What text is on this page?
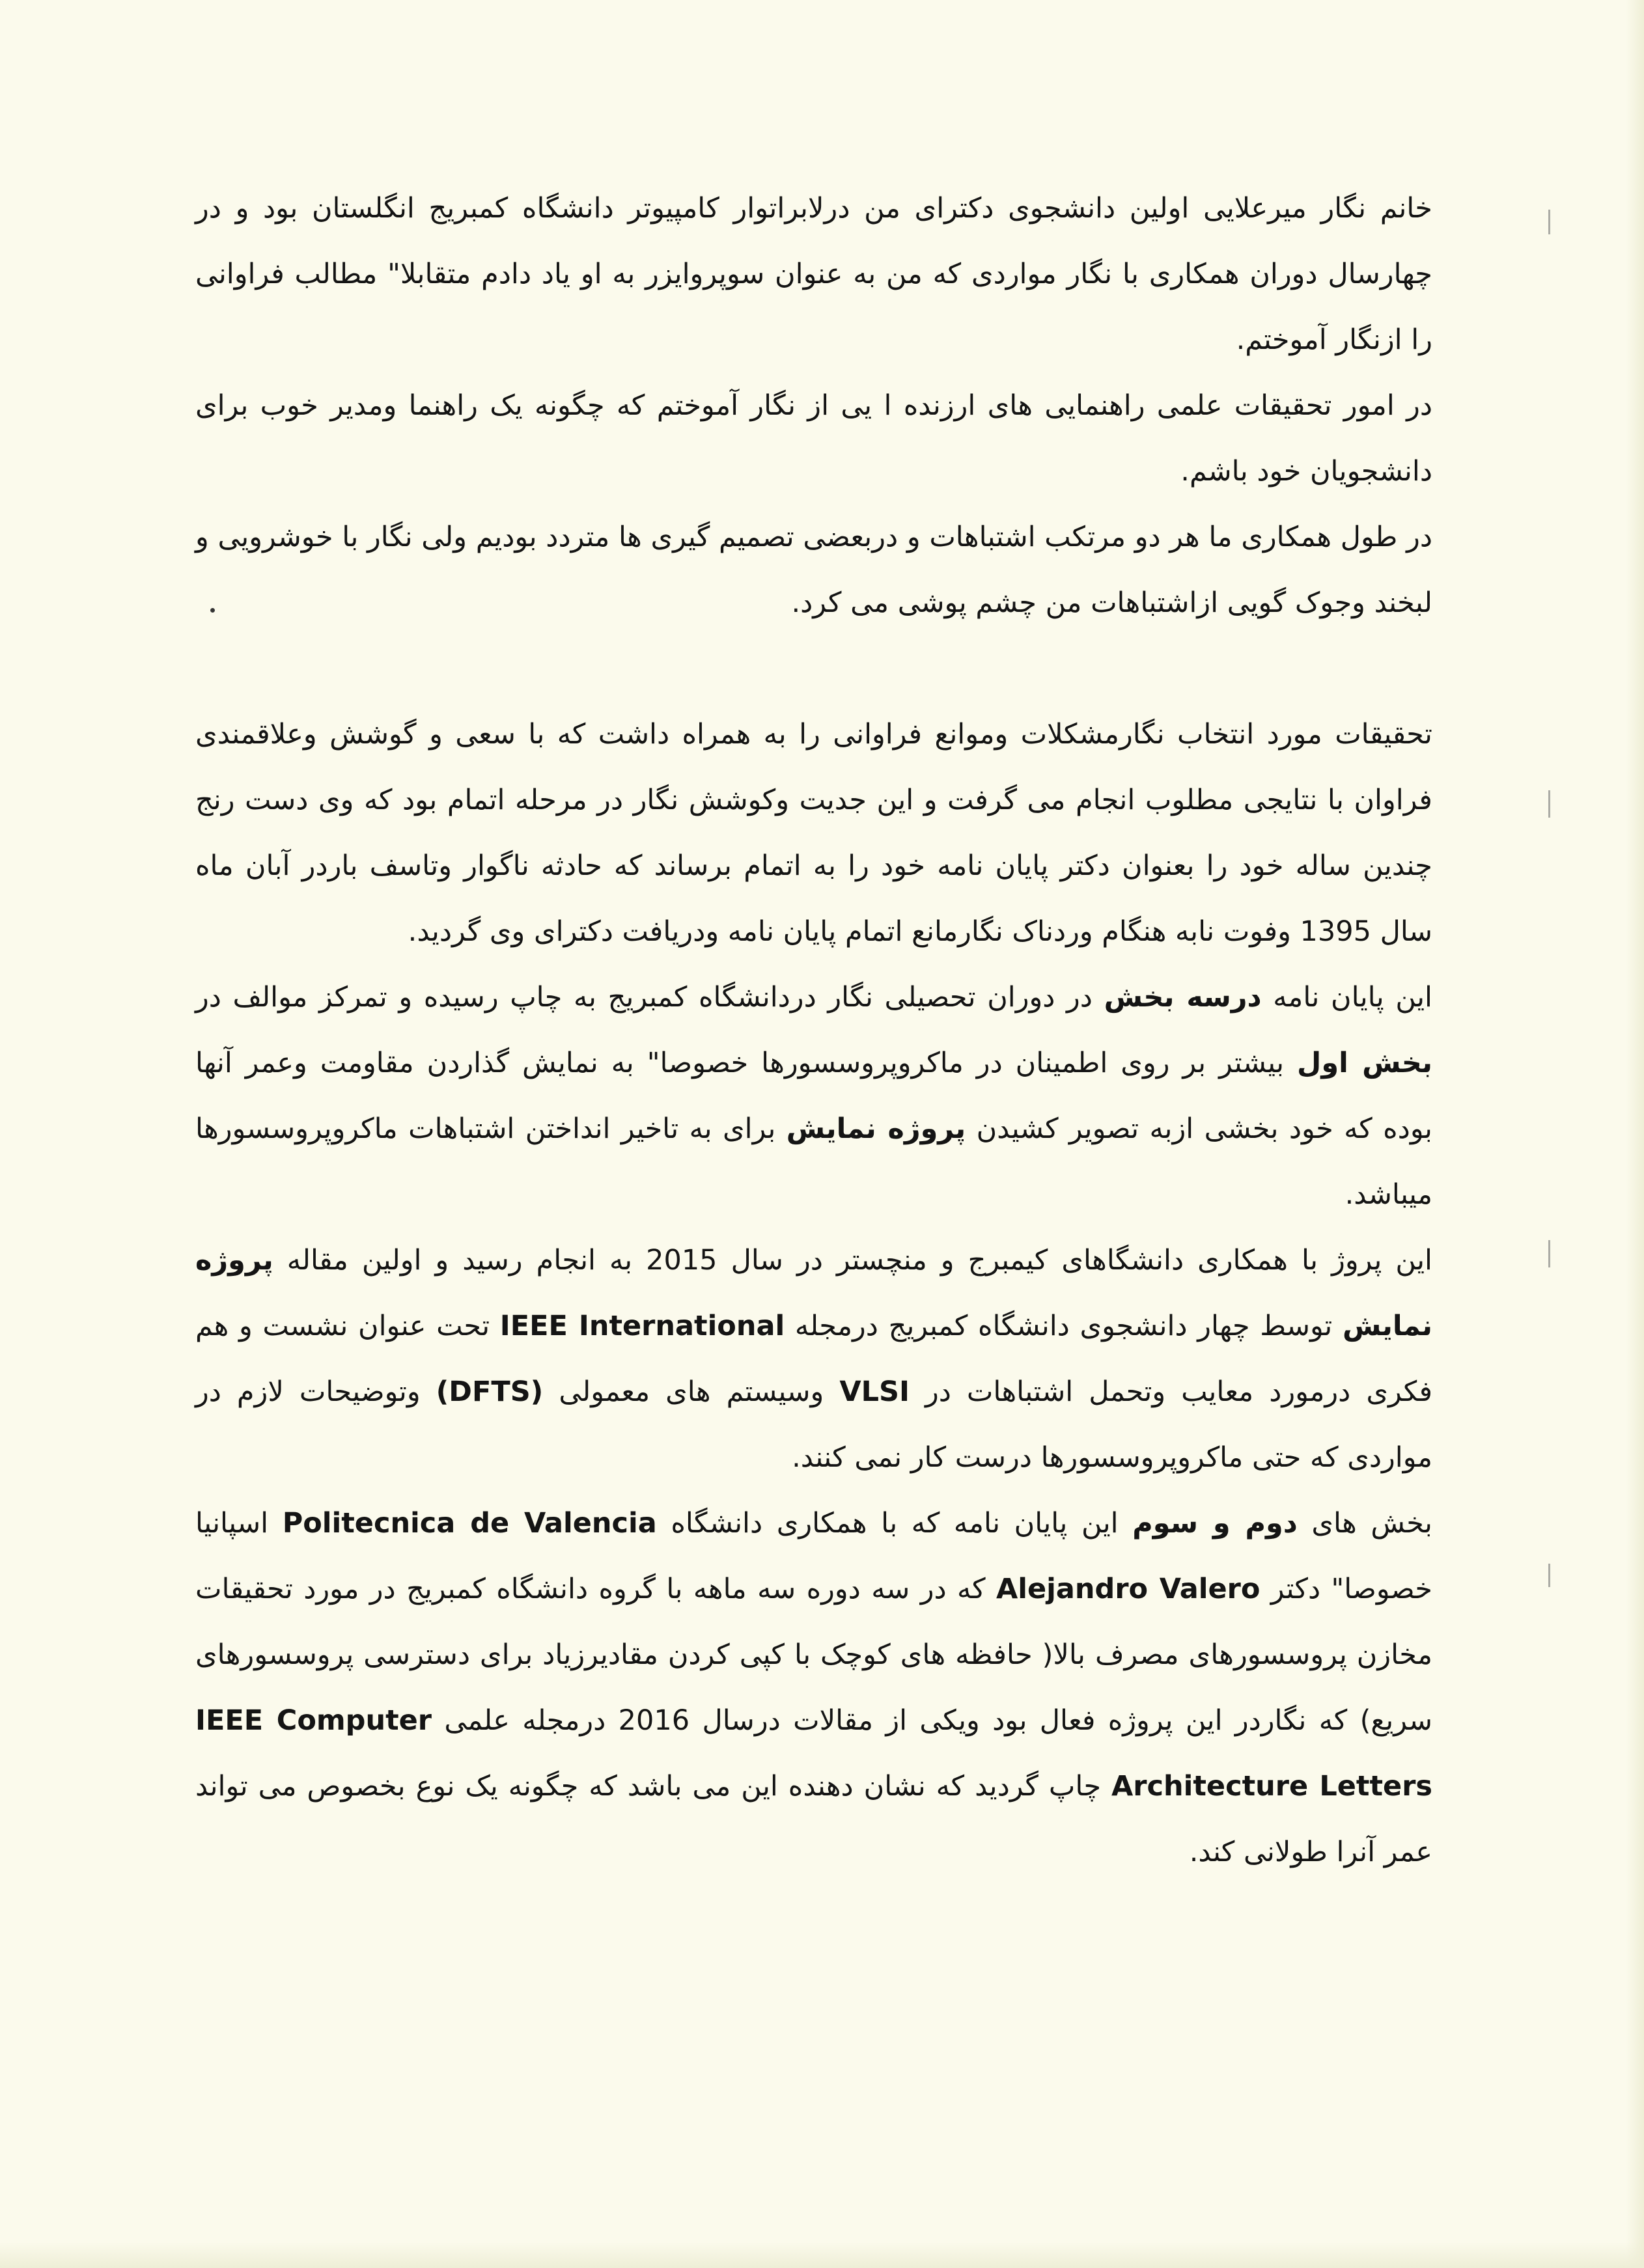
خانم نگار میرعلایی اولین دانشجوی دکترای من درلابراتوار کامپیوتر دانشگاه کمبریج انگلستان بود و در چهارسال دوران همکاری با نگار مواردی که من به عنوان سوپروایزر به او یاد دادم متقابلا" مطالب فراوانی را ازنگار آموختم.

در امور تحقیقات علمی راهنمایی های ارزنده ا یی از نگار آموختم که چگونه یک راهنما ومدیر خوب برای دانشجویان خود باشم.

در طول همکاری ما هر دو مرتکب اشتباهات و دربعضی تصمیم گیری ها متردد بودیم ولی نگار با خوشرویی و لبخند وجوک گویی ازاشتباهات من چشم پوشی می کرد.

تحقیقات مورد انتخاب نگارمشکلات وموانع فراوانی را به همراه داشت که با سعی و گوشش وعلاقمندی فراوان با نتایجی مطلوب انجام می گرفت و این جدیت وکوشش نگار در مرحله اتمام بود که وی دست رنج چندین ساله خود را بعنوان دکتر پایان نامه خود را به اتمام برساند که حادثه ناگوار وتاسف باردر آبان ماه سال 1395 وفوت نابه هنگام وردناک نگارمانع اتمام پایان نامه ودریافت دکترای وی گردید.

این پایان نامه درسه بخش در دوران تحصیلی نگار دردانشگاه کمبریج به چاپ رسیده و تمرکز موالف در بخش اول بیشتر بر روی اطمینان در ماکروپروسسورها خصوصا" به نمایش گذاردن مقاومت وعمر آنها بوده که خود بخشی ازبه تصویر کشیدن پروژه نمایش برای به تاخیر انداختن اشتباهات ماکروپروسسورها میباشد.

این پروژ با همکاری دانشگاهای کیمبرج و منچستر در سال 2015 به انجام رسید و اولین مقاله پروژه نمایش توسط چهار دانشجوی دانشگاه کمبریج درمجله IEEE International تحت عنوان نشست و هم فکری درمورد معایب وتحمل اشتباهات در VLSI وسیستم های معمولی (DFTS) وتوضیحات لازم در مواردی که حتی ماکروپروسسورها درست کار نمی کنند.

بخش های دوم و سوم این پایان نامه که با همکاری دانشگاه Politecnica de Valencia اسپانیا خصوصا" دکتر Alejandro Valero که در سه دوره سه ماهه با گروه دانشگاه کمبریج در مورد تحقیقات مخازن پروسسورهای مصرف بالا( حافظه های کوچک با کپی کردن مقادیرزیاد برای دسترسی پروسسورهای سریع) که نگاردر این پروژه فعال بود ویکی از مقالات درسال 2016 درمجله علمی IEEE Computer Architecture Letters چاپ گردید که نشان دهنده این می باشد که چگونه یک نوع بخصوص می تواند عمر آنرا طولانی کند.
